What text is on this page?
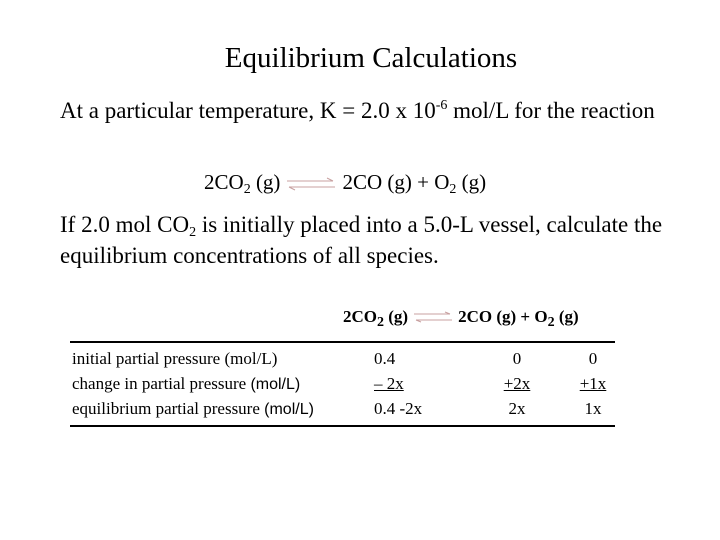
Equilibrium Calculations
At a particular temperature, K = 2.0 x $10^{-6}$ mol/L for the reaction
$2CO_2$ (g) ⇌ 2CO $(g) + O_2$ (g)
If 2.0 mol $CO_2$ is initially placed into a 5.0-L vessel, calculate the equilibrium concentrations of all species.
$2CO_2$ (g) ⇌ 2CO $(g) + O_2$ (g)
initial partial pressure (mol/L)	0.4	0	0
change in partial pressure (mol/L)	– 2x	+2x	+1x
equilibrium partial pressure (mol/L)	0.4 -2x	2x	1x
